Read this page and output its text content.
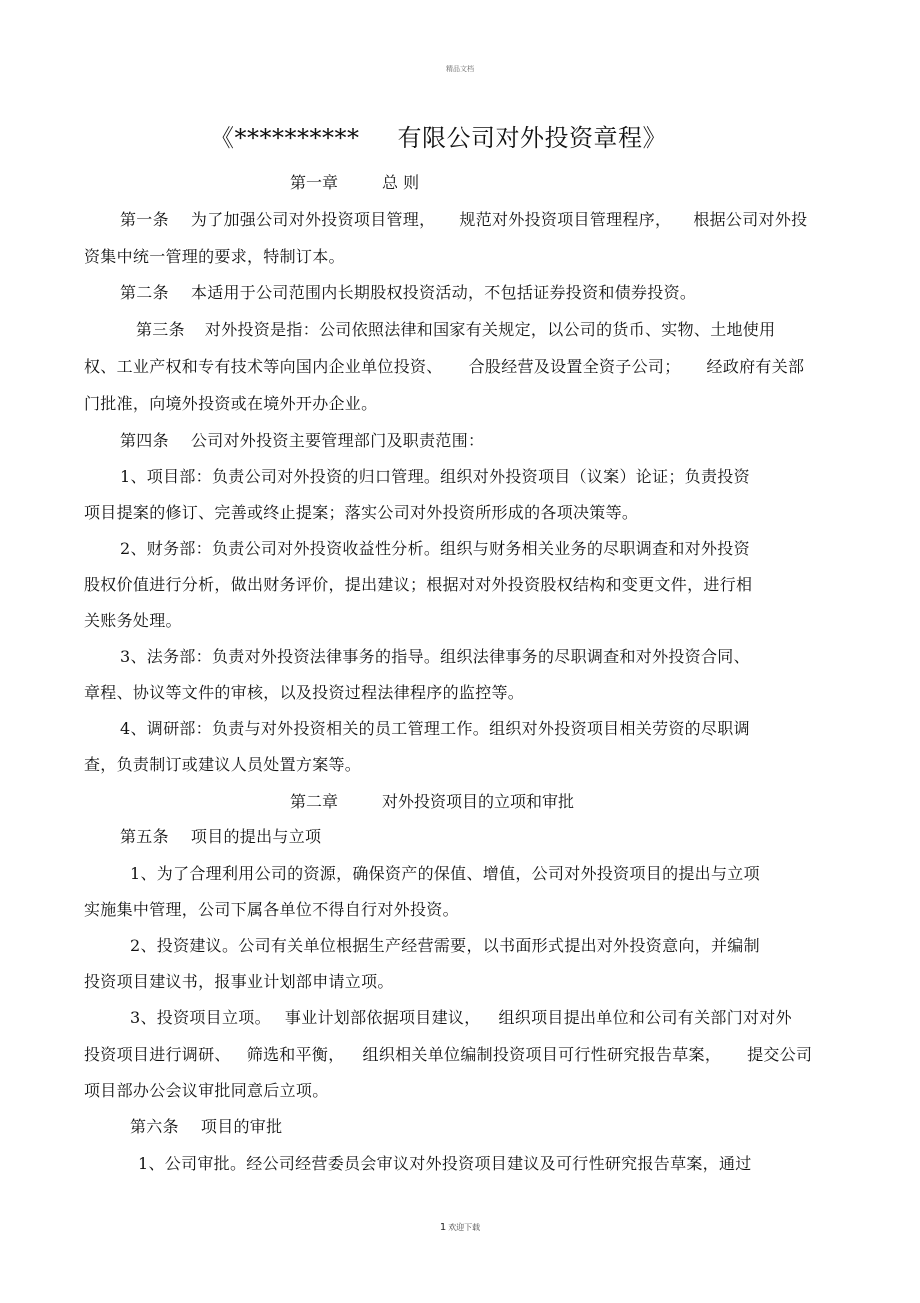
精品文档
《********** 有限公司对外投资章程》
第一章	总 则
第一条 为了加强公司对外投资项目管理， 规范对外投资项目管理程序， 根据公司对外投
资集中统一管理的要求，特制订本。
第二条 本适用于公司范围内长期股权投资活动，不包括证券投资和债券投资。
第三条 对外投资是指：公司依照法律和国家有关规定，以公司的货币、实物、土地使用
权、工业产权和专有技术等向国内企业单位投资、 合股经营及设置全资子公司； 经政府有关部
门批准，向境外投资或在境外开办企业。
第四条 公司对外投资主要管理部门及职责范围：
1、项目部：负责公司对外投资的归口管理。组织对外投资项目（议案）论证；负责投资
项目提案的修订、完善或终止提案；落实公司对外投资所形成的各项决策等。
2、财务部：负责公司对外投资收益性分析。组织与财务相关业务的尽职调查和对外投资
股权价值进行分析，做出财务评价，提出建议；根据对对外投资股权结构和变更文件，进行相
关账务处理。
3、法务部：负责对外投资法律事务的指导。组织法律事务的尽职调查和对外投资合同、
章程、协议等文件的审核，以及投资过程法律程序的监控等。
4、调研部：负责与对外投资相关的员工管理工作。组织对外投资项目相关劳资的尽职调
查，负责制订或建议人员处置方案等。
第二章	对外投资项目的立项和审批
第五条 项目的提出与立项
1、为了合理利用公司的资源，确保资产的保值、增值，公司对外投资项目的提出与立项
实施集中管理，公司下属各单位不得自行对外投资。
2、投资建议。公司有关单位根据生产经营需要，以书面形式提出对外投资意向，并编制
投资项目建议书，报事业计划部申请立项。
3、投资项目立项。 事业计划部依据项目建议， 组织项目提出单位和公司有关部门对对外
投资项目进行调研、 筛选和平衡， 组织相关单位编制投资项目可行性研究报告草案， 提交公司
项目部办公会议审批同意后立项。
第六条 项目的审批
1、公司审批。经公司经营委员会审议对外投资项目建议及可行性研究报告草案，通过
.
1 欢迎下载
